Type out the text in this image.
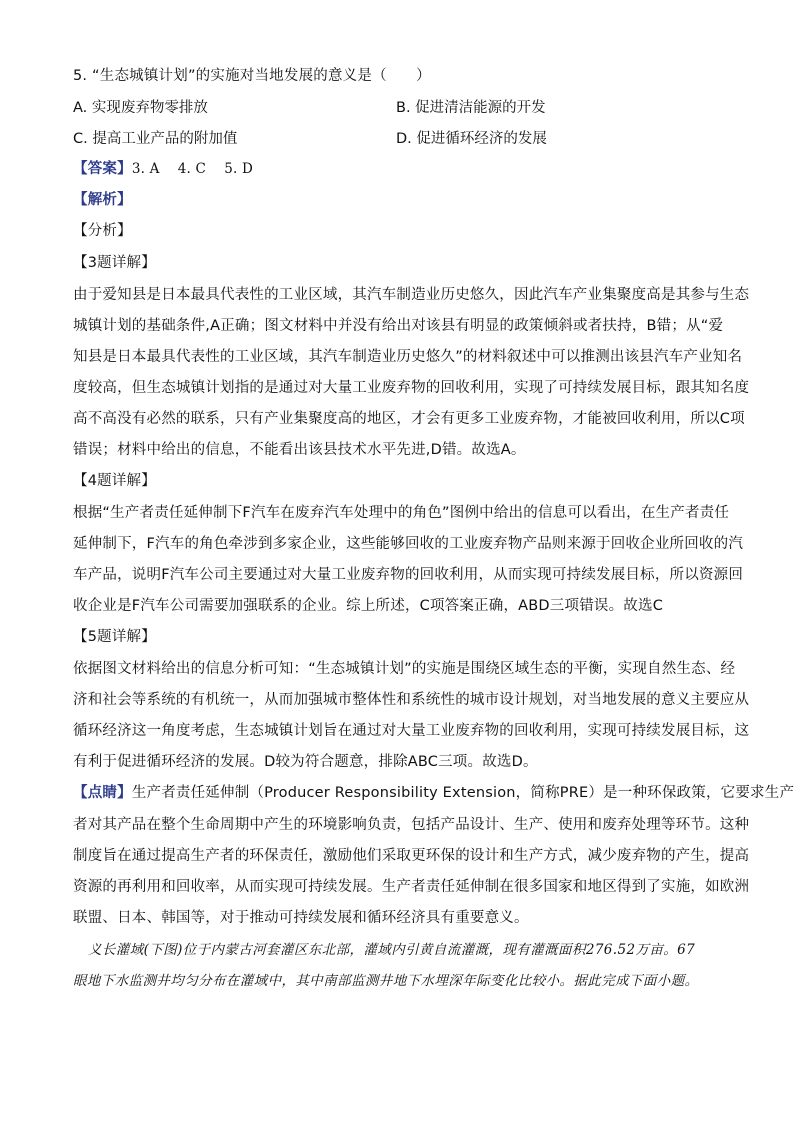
5. “生态城镇计划”的实施对当地发展的意义是（　　）
A. 实现废弃物零排放	B. 促进清洁能源的开发
C. 提高工业产品的附加值	D. 促进循环经济的发展
【答案】3. A　 4. C　 5. D
【解析】
【分析】
【3题详解】
由于爱知县是日本最具代表性的工业区域，其汽车制造业历史悠久，因此汽车产业集聚度高是其参与生态
城镇计划的基础条件,A正确；图文材料中并没有给出对该县有明显的政策倾斜或者扶持，B错；从“爱
知县是日本最具代表性的工业区域，其汽车制造业历史悠久”的材料叙述中可以推测出该县汽车产业知名
度较高，但生态城镇计划指的是通过对大量工业废弃物的回收利用，实现了可持续发展目标，跟其知名度
高不高没有必然的联系，只有产业集聚度高的地区，才会有更多工业废弃物，才能被回收利用，所以C项
错误；材料中给出的信息，不能看出该县技术水平先进,D错。故选A。
【4题详解】
根据“生产者责任延伸制下F汽车在废弃汽车处理中的角色”图例中给出的信息可以看出，在生产者责任
延伸制下，F汽车的角色牵涉到多家企业，这些能够回收的工业废弃物产品则来源于回收企业所回收的汽
车产品，说明F汽车公司主要通过对大量工业废弃物的回收利用，从而实现可持续发展目标，所以资源回
收企业是F汽车公司需要加强联系的企业。综上所述，C项答案正确，ABD三项错误。故选C
【5题详解】
依据图文材料给出的信息分析可知：“生态城镇计划”的实施是围绕区域生态的平衡，实现自然生态、经
济和社会等系统的有机统一，从而加强城市整体性和系统性的城市设计规划，对当地发展的意义主要应从
循环经济这一角度考虑，生态城镇计划旨在通过对大量工业废弃物的回收利用，实现可持续发展目标，这
有利于促进循环经济的发展。D较为符合题意，排除ABC三项。故选D。
【点睛】生产者责任延伸制（Producer Responsibility Extension，简称PRE）是一种环保政策，它要求生产
者对其产品在整个生命周期中产生的环境影响负责，包括产品设计、生产、使用和废弃处理等环节。这种
制度旨在通过提高生产者的环保责任，激励他们采取更环保的设计和生产方式，减少废弃物的产生，提高
资源的再利用和回收率，从而实现可持续发展。生产者责任延伸制在很多国家和地区得到了实施，如欧洲
联盟、日本、韩国等，对于推动可持续发展和循环经济具有重要意义。
义长灌域(下图)位于内蒙古河套灌区东北部，灌域内引黄自流灌溉，现有灌溉面积276.52万亩。67
眼地下水监测井均匀分布在灌域中，其中南部监测井地下水埋深年际变化比较小。据此完成下面小题。
